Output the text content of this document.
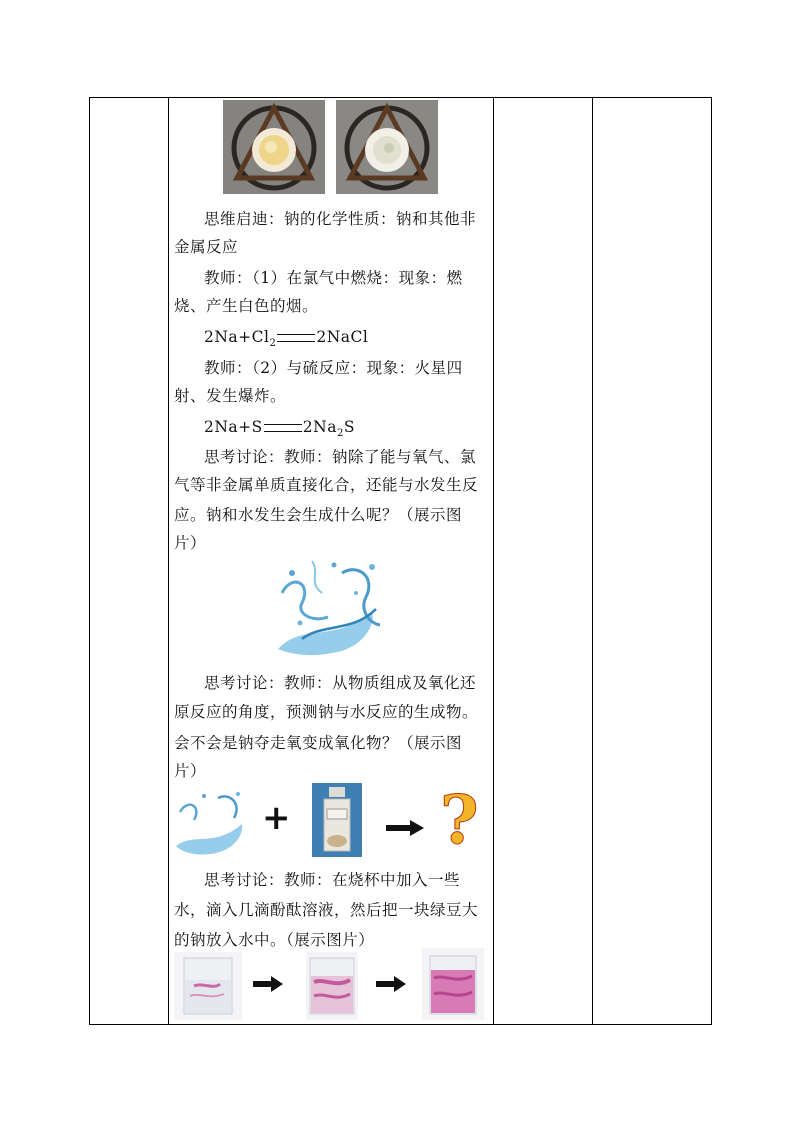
思维启迪：钠的化学性质：钠和其他非
金属反应
教师：（1）在氯气中燃烧：现象：燃
烧、产生白色的烟。
$2Na+Cl_2$	2NaCl
教师：（2）与硫反应：现象：火星四
射、发生爆炸。
2Na+S	$2Na_2S$
思考讨论：教师：钠除了能与氧气、氯
气等非金属单质直接化合，还能与水发生反
应。钠和水发生会生成什么呢？（展示图
片）
思考讨论：教师：从物质组成及氧化还
原反应的角度，预测钠与水反应的生成物。
会不会是钠夺走氧变成氧化物？（展示图
片）
+ ?
思考讨论：教师：在烧杯中加入一些
水，滴入几滴酚酞溶液，然后把一块绿豆大
的钠放入水中。（展示图片）
